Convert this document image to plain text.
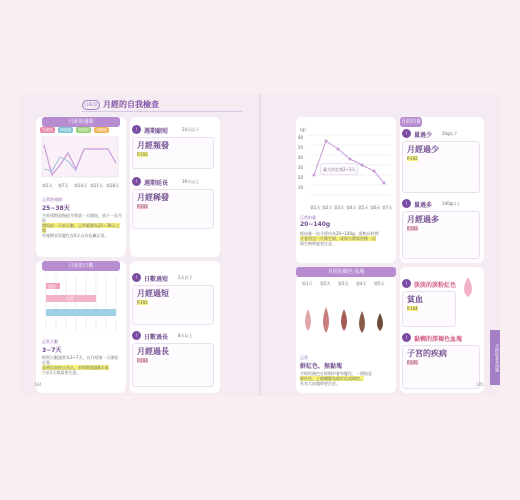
CHECK 月經的自我檢查
月經的週期
月經期	卵泡期	排卵期	黃體期
第1天 第7天 第14天 第21天 第28天
正常的週期
25~38天
月經週期是指從月經第一天開始，到下一次月經
開始前一天的天數，正常範圍為25~38天之間
若週期長短變化在6天以內也屬正常。
!	週期縮短	24天以下
月經頻發
P.192
!	週期延長	39天以上
月經稀發
P.193
月經的日數
過長
正常
過短
正常天數
3~7天
經期天數通常為3~7天，以月經第一天開始計算，
直到出血停止為止，若經期超過8天或
少於2天都需要注意。
!	日數過短 2天以下
月經過短
P.192
!	日數過長 8天以上
月經過長
P.193
(g)
60
50
40
30
20
10
量大約在第2~3天
第1天 第2天 第3天 第4天 第5天 第6天 第7天
正常的量
20~140g
經血量一次月經約為20~140g，需較長時間
才會用完一片衛生棉，或每小時需更換一次
衛生棉時就要注意。
月經的量
!	量過少 20g以下
月經過少
P.192
!	量過多 140g以上
月經過多
P.193
第1天 第2天 第3天 第4天 第5天
正常
鮮紅色、無黏塊
月經的顏色在經期中會有變化，一開始是
鮮紅色，之後轉變為暗紅色或褐色，
若有大血塊時要注意。
月經的顏色‧血塊
!	淡淡的淡粉紅色
貧血
P.194
!	黏稠的深褐色血塊
子宮的疾病
P.195	月經的基本知識
184	185
